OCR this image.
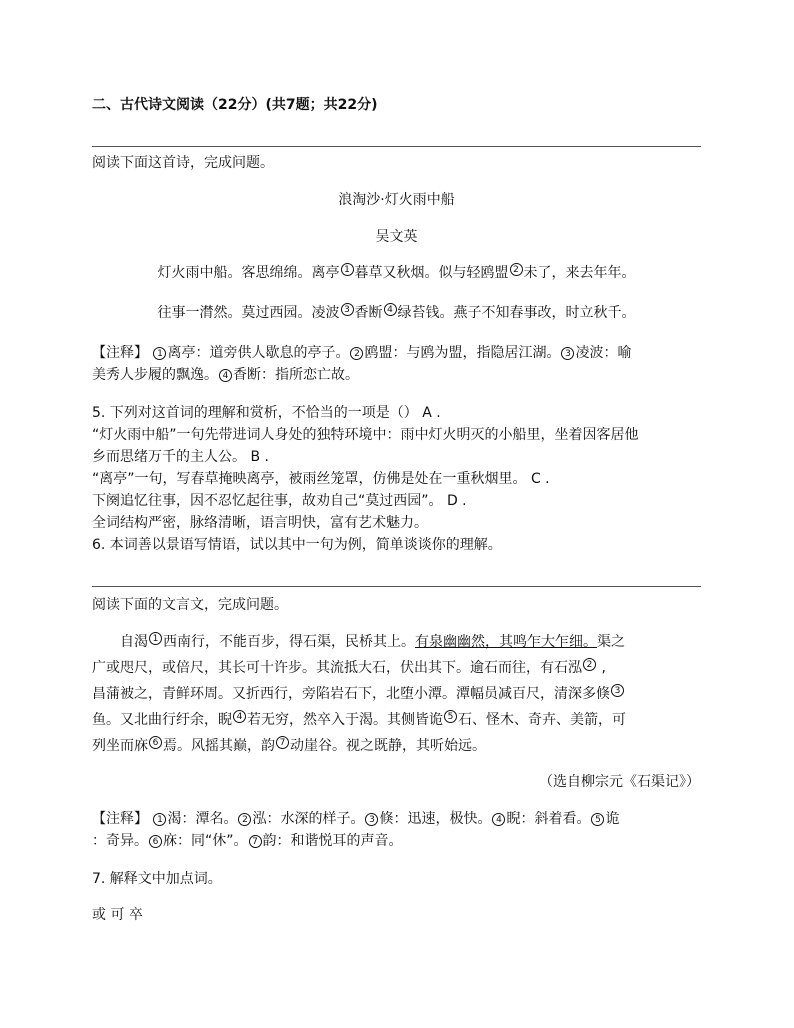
二、古代诗文阅读（22分）(共7题；共22分)
阅读下面这首诗，完成问题。
浪淘沙·灯火雨中船
吴文英
灯火雨中船。客思绵绵。离亭 1 暮草又秋烟。似与轻鸥盟 2 未了，来去年年。
往事一潸然。莫过西园。凌波 3 香断 4 绿苔钱。燕子不知春事改，时立秋千。
【注释】 1 离亭：道旁供人歇息的亭子。 2 鸥盟：与鸥为盟，指隐居江湖。 3 凌波：喻
美秀人步履的飘逸。 4 香断：指所恋亡故。
5. 下列对这首词的理解和赏析，不恰当的一项是（） A .
“灯火雨中船”一句先带进词人身处的独特环境中：雨中灯火明灭的小船里，坐着因客居他
乡而思绪万千的主人公。 B .
“离亭”一句，写春草掩映离亭，被雨丝笼罩，仿佛是处在一重秋烟里。 C .
下阕追忆往事，因不忍忆起往事，故劝自己“莫过西园”。 D .
全词结构严密，脉络清晰，语言明快，富有艺术魅力。
6. 本词善以景语写情语，试以其中一句为例，简单谈谈你的理解。
阅读下面的文言文，完成问题。
自渴 1 西南行，不能百步，得石渠，民桥其上。有泉幽幽然，其鸣乍大乍细。渠之
广或咫尺，或倍尺，其长可十许步。其流抵大石，伏出其下。逾石而往，有石泓 2 ,
昌蒲被之，青鲜环周。又折西行，旁陷岩石下，北堕小潭。潭幅员减百尺，清深多倏 3
鱼。又北曲行纡余，睨 4 若无穷，然卒入于渴。其侧皆诡 5 石、怪木、奇卉、美箭，可
列坐而庥 6 焉。风摇其巅，韵 7 动崖谷。视之既静，其听始远。
（选自柳宗元《石渠记》）
【注释】 1 渴：潭名。 2 泓：水深的样子。 3 倏：迅速，极快。 4 睨：斜着看。 5 诡
：奇异。 6 庥：同“休”。 7 韵：和谐悦耳的声音。
7. 解释文中加点词。
或 可 卒
